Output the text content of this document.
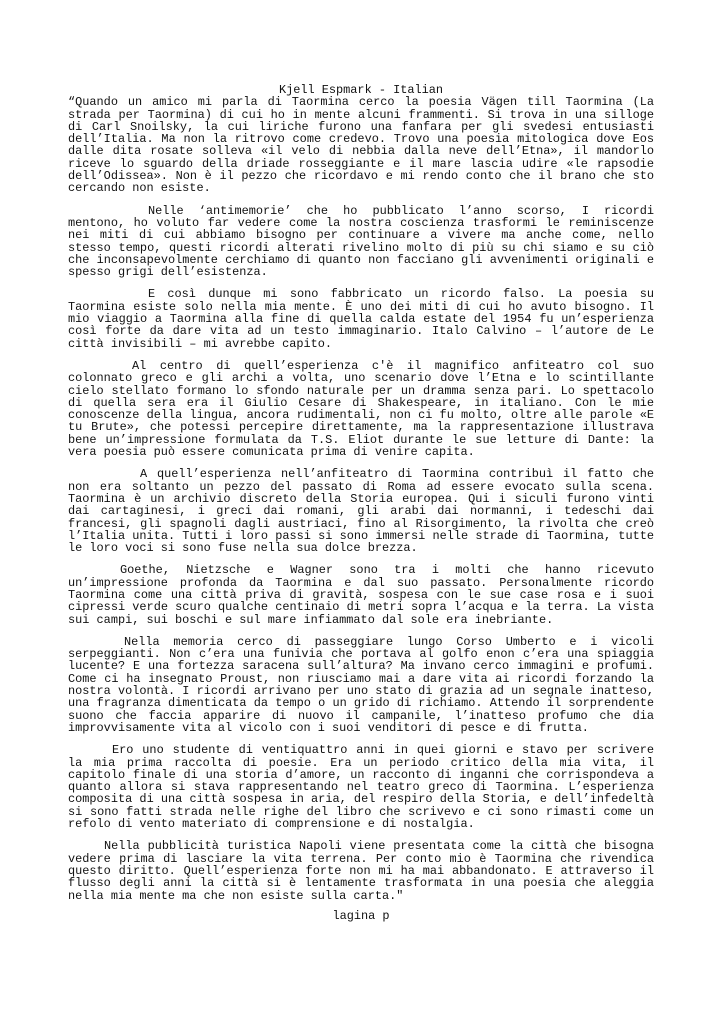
Kjell Espmark - Italian

“Quando un amico mi parla di Taormina cerco la poesia Vägen till Taormina (La strada per Taormina) di cui ho in mente alcuni frammenti. Si trova in una silloge di Carl Snoilsky, la cui liriche furono una fanfara per gli svedesi entusiasti dell’Italia. Ma non la ritrovo come credevo. Trovo una poesia mitologica dove Eos dalle dita rosate solleva «il velo di nebbia dalla neve dell’Etna», il mandorlo riceve lo sguardo della driade rosseggiante e il mare lascia udire «le rapsodie dell’Odissea». Non è il pezzo che ricordavo e mi rendo conto che il brano che sto cercando non esiste.

Nelle ‘antimemorie’ che ho pubblicato l’anno scorso, I ricordi mentono, ho voluto far vedere come la nostra coscienza trasformi le reminiscenze nei miti di cui abbiamo bisogno per continuare a vivere ma anche come, nello stesso tempo, questi ricordi alterati rivelino molto di più su chi siamo e su ciò che inconsapevolmente cerchiamo di quanto non facciano gli avvenimenti originali e spesso grigi dell’esistenza.

E così dunque mi sono fabbricato un ricordo falso. La poesia su Taormina esiste solo nella mia mente. È uno dei miti di cui ho avuto bisogno. Il mio viaggio a Taormina alla fine di quella calda estate del 1954 fu un’esperienza così forte da dare vita ad un testo immaginario. Italo Calvino – l’autore de Le città invisibili – mi avrebbe capito.

Al centro di quell’esperienza c'è il magnifico anfiteatro col suo colonnato greco e gli archi a volta, uno scenario dove l’Etna e lo scintillante cielo stellato formano lo sfondo naturale per un dramma senza pari. Lo spettacolo di quella sera era il Giulio Cesare di Shakespeare, in italiano. Con le mie conoscenze della lingua, ancora rudimentali, non ci fu molto, oltre alle parole «E tu Brute», che potessi percepire direttamente, ma la rappresentazione illustrava bene un’impressione formulata da T.S. Eliot durante le sue letture di Dante: la vera poesia può essere comunicata prima di venire capita.

A quell’esperienza nell’anfiteatro di Taormina contribuì il fatto che non era soltanto un pezzo del passato di Roma ad essere evocato sulla scena. Taormina è un archivio discreto della Storia europea. Qui i siculi furono vinti dai cartaginesi, i greci dai romani, gli arabi dai normanni, i tedeschi dai francesi, gli spagnoli dagli austriaci, fino al Risorgimento, la rivolta che creò l’Italia unita. Tutti i loro passi si sono immersi nelle strade di Taormina, tutte le loro voci si sono fuse nella sua dolce brezza.

Goethe, Nietzsche e Wagner sono tra i molti che hanno ricevuto un’impressione profonda da Taormina e dal suo passato. Personalmente ricordo Taormina come una città priva di gravità, sospesa con le sue case rosa e i suoi cipressi verde scuro qualche centinaio di metri sopra l’acqua e la terra. La vista sui campi, sui boschi e sul mare infiammato dal sole era inebriante.

Nella memoria cerco di passeggiare lungo Corso Umberto e i vicoli serpeggianti. Non c’era una funivia che portava al golfo enon c’era una spiaggia lucente? E una fortezza saracena sull’altura? Ma invano cerco immagini e profumi. Come ci ha insegnato Proust, non riusciamo mai a dare vita ai ricordi forzando la nostra volontà. I ricordi arrivano per uno stato di grazia ad un segnale inatteso, una fragranza dimenticata da tempo o un grido di richiamo. Attendo il sorprendente suono che faccia apparire di nuovo il campanile, l’inatteso profumo che dia improvvisamente vita al vicolo con i suoi venditori di pesce e di frutta.

Ero uno studente di ventiquattro anni in quei giorni e stavo per scrivere la mia prima raccolta di poesie. Era un periodo critico della mia vita, il capitolo finale di una storia d’amore, un racconto di inganni che corrispondeva a quanto allora si stava rappresentando nel teatro greco di Taormina. L’esperienza composita di una città sospesa in aria, del respiro della Storia, e dell’infedeltà si sono fatti strada nelle righe del libro che scrivevo e ci sono rimasti come un refolo di vento materiato di comprensione e di nostalgia.

Nella pubblicità turistica Napoli viene presentata come la città che bisogna vedere prima di lasciare la vita terrena. Per conto mio è Taormina che rivendica questo diritto. Quell’esperienza forte non mi ha mai abbandonato. E attraverso il flusso degli anni la città si è lentamente trasformata in una poesia che aleggia nella mia mente ma che non esiste sulla carta."

lagina p
